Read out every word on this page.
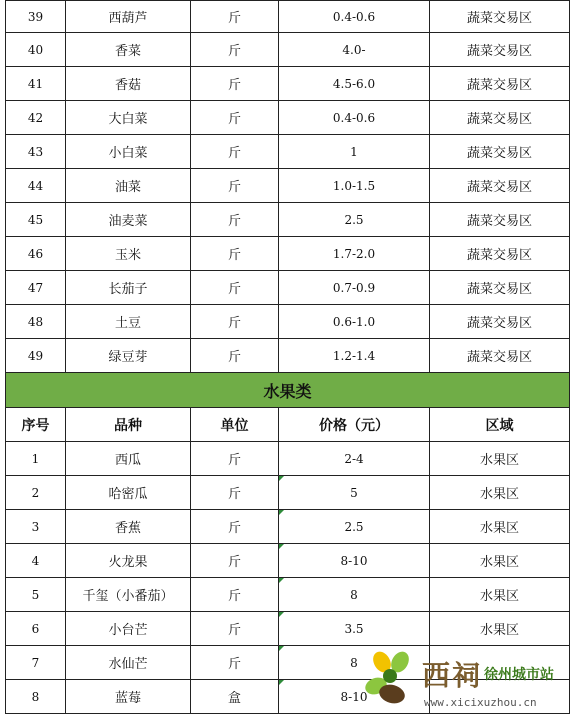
39	西葫芦	斤	0.4-0.6	蔬菜交易区
40	香菜	斤	4.0-	蔬菜交易区
41	香菇	斤	4.5-6.0	蔬菜交易区
42	大白菜	斤	0.4-0.6	蔬菜交易区
43	小白菜	斤	1	蔬菜交易区
44	油菜	斤	1.0-1.5	蔬菜交易区
45	油麦菜	斤	2.5	蔬菜交易区
46	玉米	斤	1.7-2.0	蔬菜交易区
47	长茄子	斤	0.7-0.9	蔬菜交易区
48	土豆	斤	0.6-1.0	蔬菜交易区
49	绿豆芽	斤	1.2-1.4	蔬菜交易区
水果类				
序号	品种	单位	价格（元）	区域
1	西瓜	斤	2-4	水果区
2	哈密瓜	斤	5	水果区
3	香蕉	斤	2.5	水果区
4	火龙果	斤	8-10	水果区
5	千玺（小番茄）	斤	8	水果区
6	小台芒	斤	3.5	水果区
7	水仙芒	斤	8	
8	蓝莓	盒	8-10	
西祠 徐州城市站
www.xicixuzhou.cn
